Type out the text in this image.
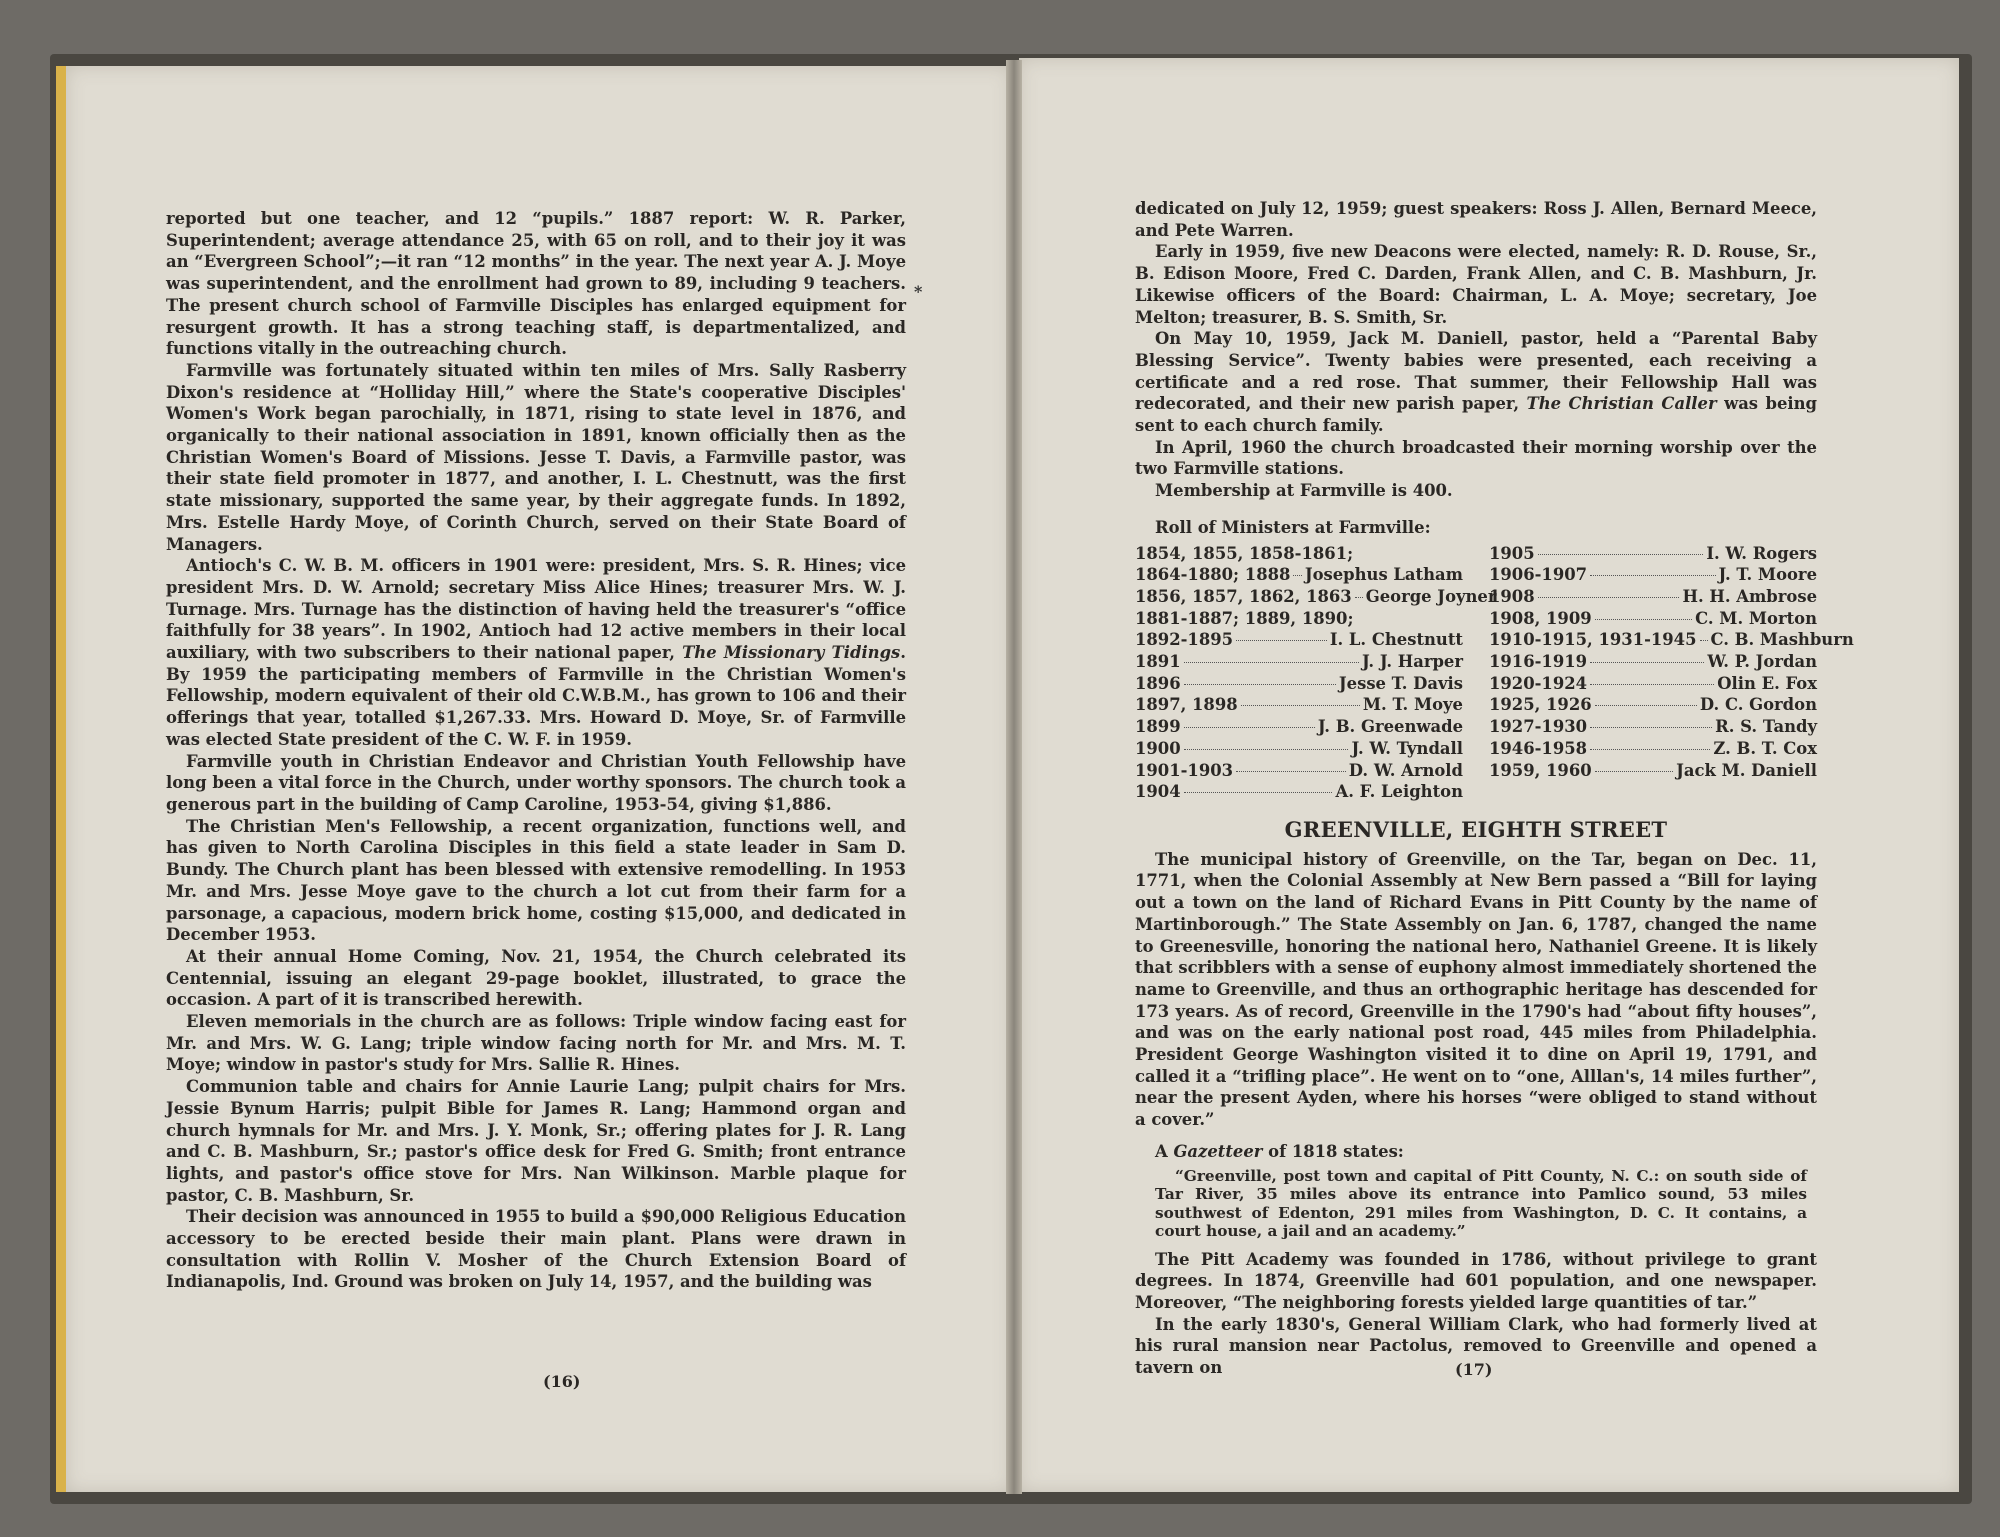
reported but one teacher, and 12 “pupils.” 1887 report: W. R. Parker, Superintendent; average attendance 25, with 65 on roll, and to their joy it was an “Evergreen School”;—it ran “12 months” in the year. The next year A. J. Moye was superintendent, and the enrollment had grown to 89, including 9 teachers. The present church school of Farmville Disciples has enlarged equipment for resurgent growth. It has a strong teaching staff, is departmentalized, and functions vitally in the outreaching church.

Farmville was fortunately situated within ten miles of Mrs. Sally Rasberry Dixon's residence at “Holliday Hill,” where the State's cooperative Disciples' Women's Work began parochially, in 1871, rising to state level in 1876, and organically to their national association in 1891, known officially then as the Christian Women's Board of Missions. Jesse T. Davis, a Farmville pastor, was their state field promoter in 1877, and another, I. L. Chestnutt, was the first state missionary, supported the same year, by their aggregate funds. In 1892, Mrs. Estelle Hardy Moye, of Corinth Church, served on their State Board of Managers.

Antioch's C. W. B. M. officers in 1901 were: president, Mrs. S. R. Hines; vice president Mrs. D. W. Arnold; secretary Miss Alice Hines; treasurer Mrs. W. J. Turnage. Mrs. Turnage has the distinction of having held the treasurer's “office faithfully for 38 years”. In 1902, Antioch had 12 active members in their local auxiliary, with two subscribers to their national paper, The Missionary Tidings. By 1959 the participating members of Farmville in the Christian Women's Fellowship, modern equivalent of their old C.W.B.M., has grown to 106 and their offerings that year, totalled $1,267.33. Mrs. Howard D. Moye, Sr. of Farmville was elected State president of the C. W. F. in 1959.

Farmville youth in Christian Endeavor and Christian Youth Fellowship have long been a vital force in the Church, under worthy sponsors. The church took a generous part in the building of Camp Caroline, 1953-54, giving $1,886.

The Christian Men's Fellowship, a recent organization, functions well, and has given to North Carolina Disciples in this field a state leader in Sam D. Bundy. The Church plant has been blessed with extensive remodelling. In 1953 Mr. and Mrs. Jesse Moye gave to the church a lot cut from their farm for a parsonage, a capacious, modern brick home, costing $15,000, and dedicated in December 1953.

At their annual Home Coming, Nov. 21, 1954, the Church celebrated its Centennial, issuing an elegant 29-page booklet, illustrated, to grace the occasion. A part of it is transcribed herewith.

Eleven memorials in the church are as follows: Triple window facing east for Mr. and Mrs. W. G. Lang; triple window facing north for Mr. and Mrs. M. T. Moye; window in pastor's study for Mrs. Sallie R. Hines.

Communion table and chairs for Annie Laurie Lang; pulpit chairs for Mrs. Jessie Bynum Harris; pulpit Bible for James R. Lang; Hammond organ and church hymnals for Mr. and Mrs. J. Y. Monk, Sr.; offering plates for J. R. Lang and C. B. Mashburn, Sr.; pastor's office desk for Fred G. Smith; front entrance lights, and pastor's office stove for Mrs. Nan Wilkinson. Marble plaque for pastor, C. B. Mashburn, Sr.

Their decision was announced in 1955 to build a $90,000 Religious Education accessory to be erected beside their main plant. Plans were drawn in consultation with Rollin V. Mosher of the Church Extension Board of Indianapolis, Ind. Ground was broken on July 14, 1957, and the building was

*
(16)

dedicated on July 12, 1959; guest speakers: Ross J. Allen, Bernard Meece, and Pete Warren.

Early in 1959, five new Deacons were elected, namely: R. D. Rouse, Sr., B. Edison Moore, Fred C. Darden, Frank Allen, and C. B. Mashburn, Jr. Likewise officers of the Board: Chairman, L. A. Moye; secretary, Joe Melton; treasurer, B. S. Smith, Sr.

On May 10, 1959, Jack M. Daniell, pastor, held a “Parental Baby Blessing Service”. Twenty babies were presented, each receiving a certificate and a red rose. That summer, their Fellowship Hall was redecorated, and their new parish paper, The Christian Caller was being sent to each church family.

In April, 1960 the church broadcasted their morning worship over the two Farmville stations.

Membership at Farmville is 400.

Roll of Ministers at Farmville:

1854, 1855, 1858-1861;
1864-1880; 1888 Josephus Latham
1856, 1857, 1862, 1863 George Joyner
1881-1887; 1889, 1890;
1892-1895	I. L. Chestnutt
1891	J. J. Harper
1896	Jesse T. Davis
1897, 1898	M. T. Moye
1899	J. B. Greenwade
1900	J. W. Tyndall
1901-1903	D. W. Arnold
1904	A. F. Leighton
1905	I. W. Rogers
1906-1907	J. T. Moore
1908	H. H. Ambrose
1908, 1909	C. M. Morton
1910-1915, 1931-1945 C. B. Mashburn
1916-1919	W. P. Jordan
1920-1924	Olin E. Fox
1925, 1926	D. C. Gordon
1927-1930	R. S. Tandy
1946-1958	Z. B. T. Cox
1959, 1960	Jack M. Daniell
GREENVILLE, EIGHTH STREET

The municipal history of Greenville, on the Tar, began on Dec. 11, 1771, when the Colonial Assembly at New Bern passed a “Bill for laying out a town on the land of Richard Evans in Pitt County by the name of Martinborough.” The State Assembly on Jan. 6, 1787, changed the name to Greenesville, honoring the national hero, Nathaniel Greene. It is likely that scribblers with a sense of euphony almost immediately shortened the name to Greenville, and thus an orthographic heritage has descended for 173 years. As of record, Greenville in the 1790's had “about fifty houses”, and was on the early national post road, 445 miles from Philadelphia. President George Washington visited it to dine on April 19, 1791, and called it a “trifling place”. He went on to “one, Alllan's, 14 miles further”, near the present Ayden, where his horses “were obliged to stand without a cover.”

A Gazetteer of 1818 states:

“Greenville, post town and capital of Pitt County, N. C.: on south side of Tar River, 35 miles above its entrance into Pamlico sound, 53 miles southwest of Edenton, 291 miles from Washington, D. C. It contains, a court house, a jail and an academy.”

The Pitt Academy was founded in 1786, without privilege to grant degrees. In 1874, Greenville had 601 population, and one newspaper. Moreover, “The neighboring forests yielded large quantities of tar.”

In the early 1830's, General William Clark, who had formerly lived at his rural mansion near Pactolus, removed to Greenville and opened a tavern on	(17)
